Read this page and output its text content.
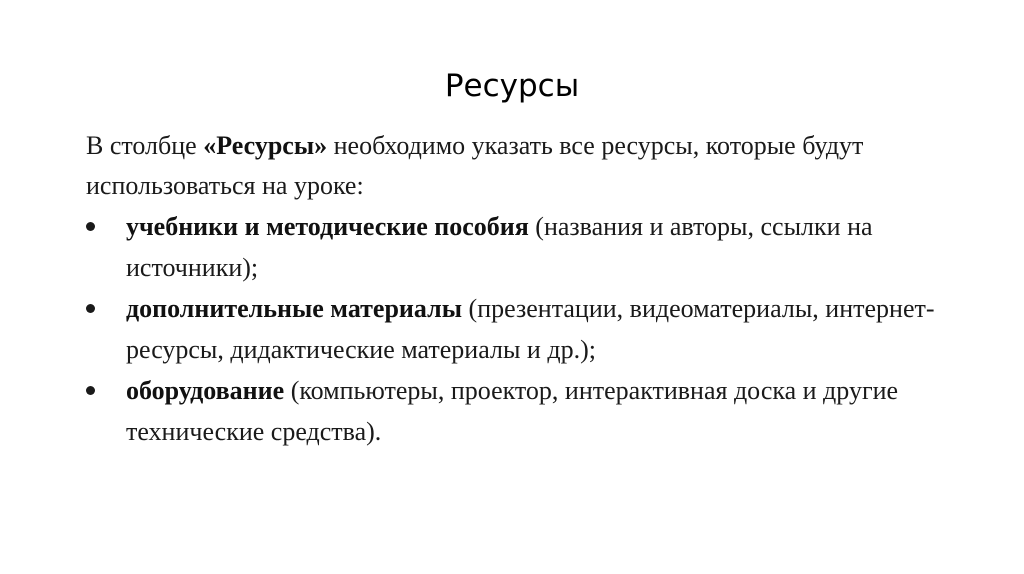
Ресурсы

В столбце «Ресурсы» необходимо указать все ресурсы, которые будут использоваться на уроке:

учебники и методические пособия (названия и авторы, ссылки на источники);
дополнительные материалы (презентации, видеоматериалы, интернет-ресурсы, дидактические материалы и др.);
оборудование (компьютеры, проектор, интерактивная доска и другие технические средства).
